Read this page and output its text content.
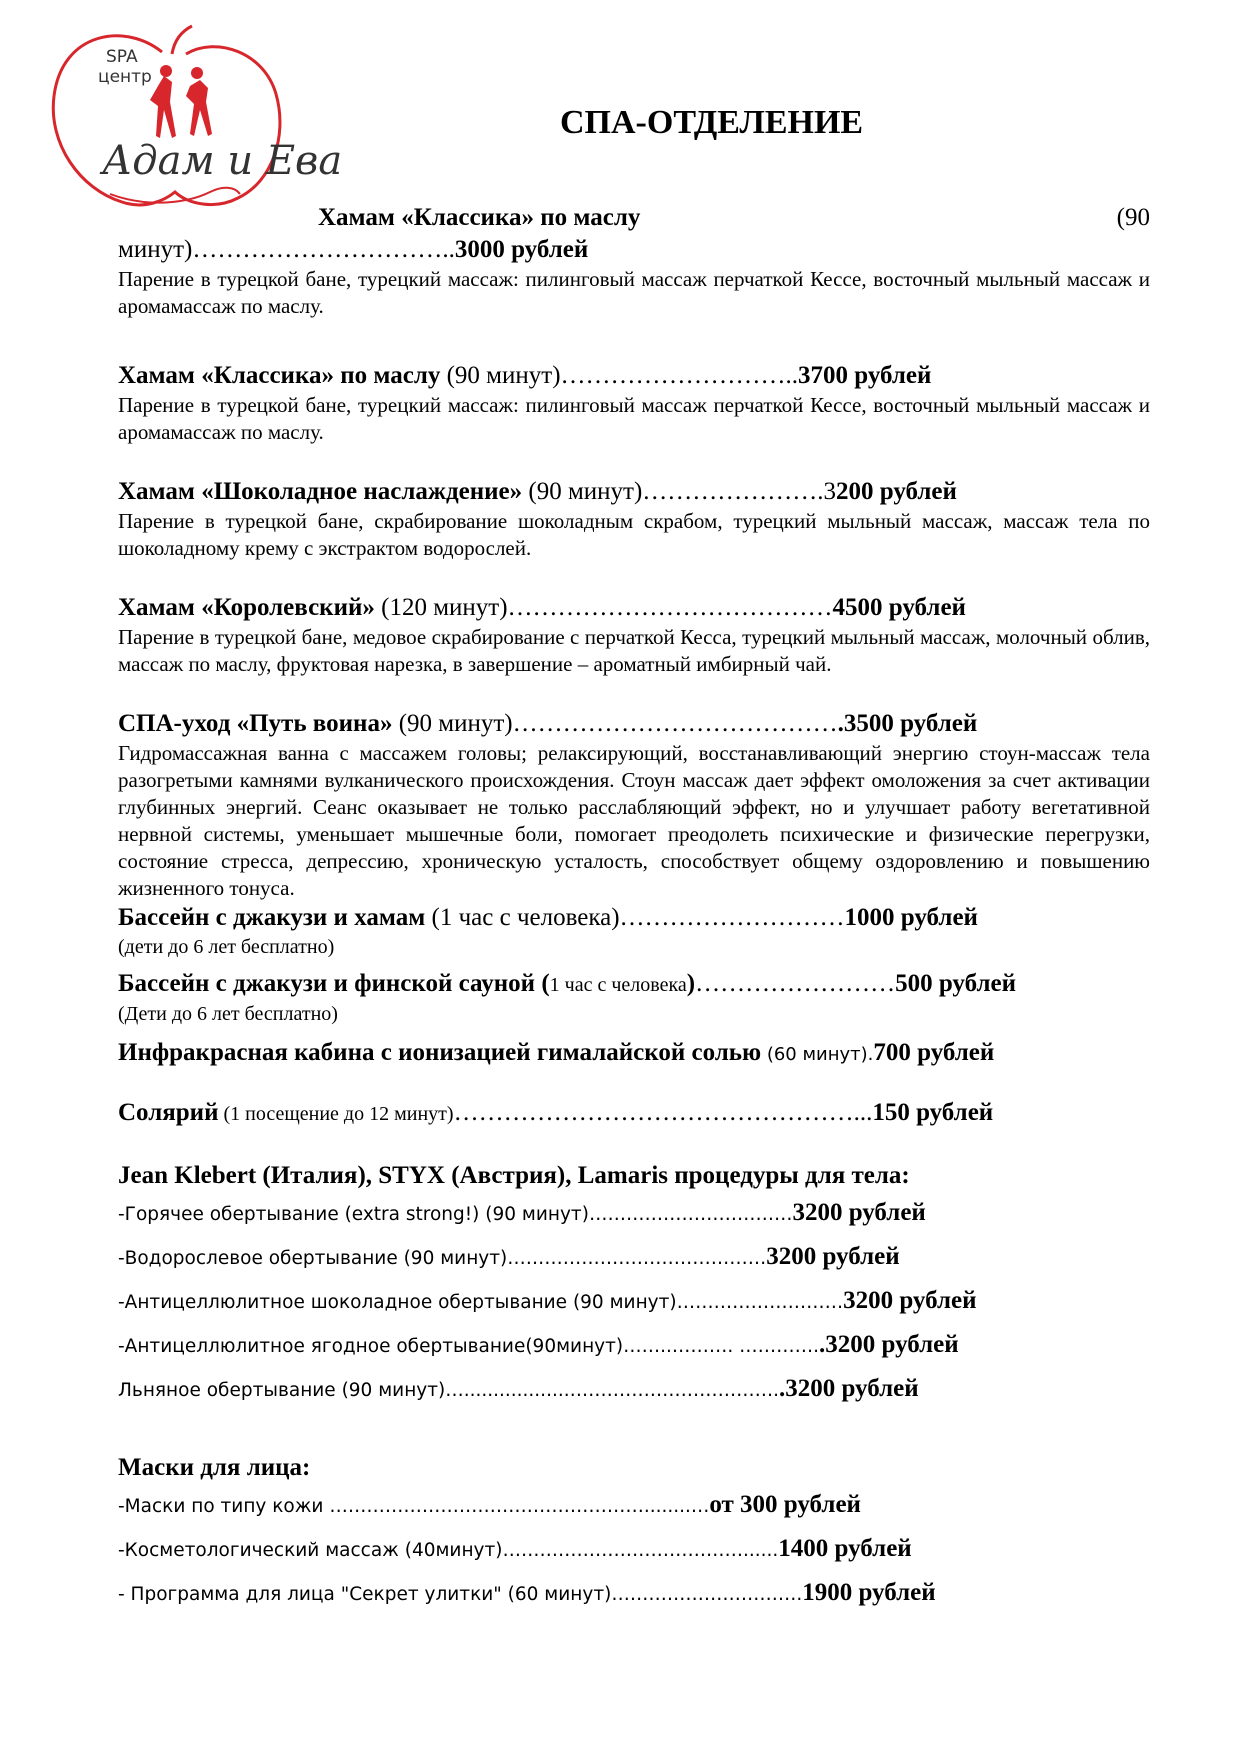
SPA
центр
Адам и Ева
СПА-ОТДЕЛЕНИЕ
Хамам «Классика» по маслу	(90
минут)…………………………..3000 рублей
Парение в турецкой бане, турецкий массаж: пилинговый массаж перчаткой Кессе, восточный мыльный массаж и аромамассаж по маслу.
Хамам «Классика» по маслу (90 минут)………………………..3700 рублей
Парение в турецкой бане, турецкий массаж: пилинговый массаж перчаткой Кессе, восточный мыльный массаж и аромамассаж по маслу.
Хамам «Шоколадное наслаждение» (90 минут)………………….3200 рублей
Парение в турецкой бане, скрабирование шоколадным скрабом, турецкий мыльный массаж, массаж тела по шоколадному крему с экстрактом водорослей.
Хамам «Королевский» (120 минут)…………………………………4500 рублей
Парение в турецкой бане, медовое скрабирование с перчаткой Кесса, турецкий мыльный массаж, молочный облив, массаж по маслу, фруктовая нарезка, в завершение – ароматный имбирный чай.
СПА-уход «Путь воина» (90 минут)………………………………….3500 рублей
Гидромассажная ванна с массажем головы; релаксирующий, восстанавливающий энергию стоун-массаж тела разогретыми камнями вулканического происхождения. Стоун массаж дает эффект омоложения за счет активации глубинных энергий. Сеанс оказывает не только расслабляющий эффект, но и улучшает работу вегетативной нервной системы, уменьшает мышечные боли, помогает преодолеть психические и физические перегрузки, состояние стресса, депрессию, хроническую усталость, способствует общему оздоровлению и повышению жизненного тонуса.
Бассейн с джакузи и хамам (1 час с человека)………………………1000 рублей
(дети до 6 лет бесплатно)
Бассейн с джакузи и финской сауной (1 час с человека)……………………500 рублей
(Дети до 6 лет бесплатно)
Инфракрасная кабина с ионизацией гималайской солью (60 минут).700 рублей
Солярий (1 посещение до 12 минут)…………………………………………...150 рублей
Jean Klebert (Италия), STYX (Австрия), Lamaris процедуры для тела:
-Горячее обертывание (extra strong!) (90 минут)……………………………3200 рублей
-Водорослевое обертывание (90 минут)……………………………………3200 рублей
-Антицеллюлитное шоколадное обертывание (90 минут)………………………3200 рублей
-Антицеллюлитное ягодное обертывание(90минут)……..………. …………..3200 рублей
Льняное обертывание (90 минут)…..................……………………………..3200 рублей
Маски для лица:
-Маски по типу кожи ……………………………………………........…от 300 рублей
-Косметологический массаж (40минут)…………………………………......1400 рублей
- Программа для лица "Секрет улитки" (60 минут)………………………….1900 рублей
